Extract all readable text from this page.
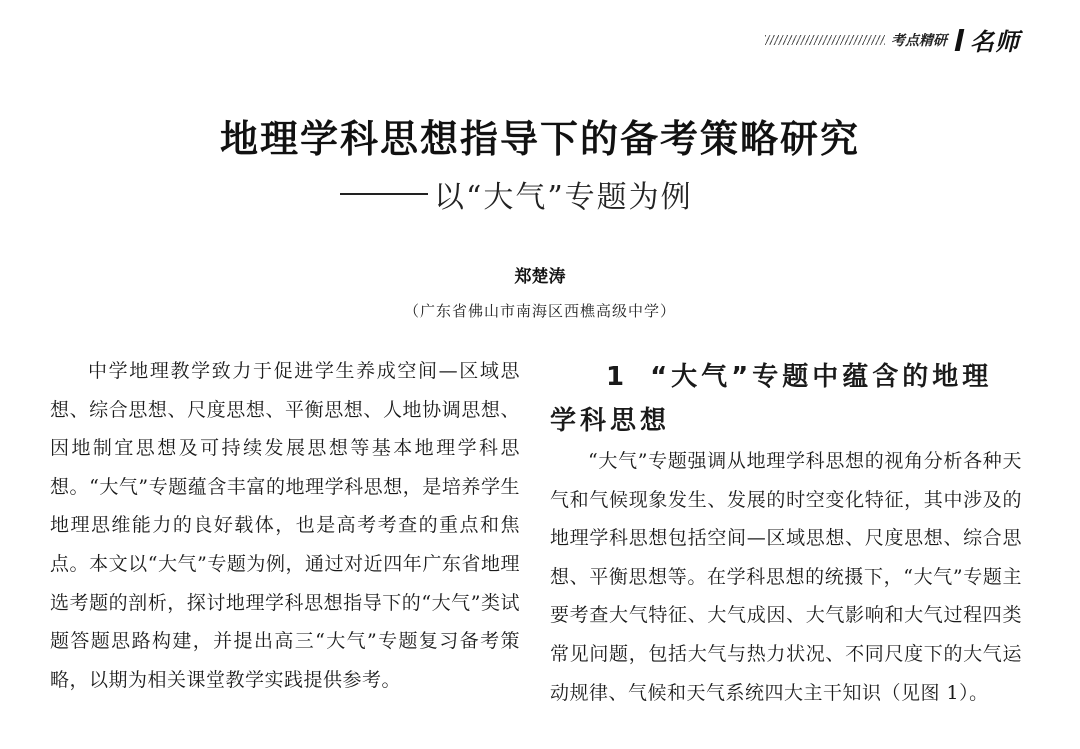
考点精研 名师
地理学科思想指导下的备考策略研究
以“大气”专题为例
郑楚涛
（广东省佛山市南海区西樵高级中学）

中学地理教学致力于促进学生养成空间—区域思想、综合思想、尺度思想、平衡思想、人地协调思想、因地制宜思想及可持续发展思想等基本地理学科思想。“大气”专题蕴含丰富的地理学科思想，是培养学生地理思维能力的良好载体，也是高考考查的重点和焦点。本文以“大气”专题为例，通过对近四年广东省地理选考题的剖析，探讨地理学科思想指导下的“大气”类试题答题思路构建，并提出高三“大气”专题复习备考策略，以期为相关课堂教学实践提供参考。

1 “大气”专题中蕴含的地理学科思想

“大气”专题强调从地理学科思想的视角分析各种天气和气候现象发生、发展的时空变化特征，其中涉及的地理学科思想包括空间—区域思想、尺度思想、综合思想、平衡思想等。在学科思想的统摄下，“大气”专题主要考查大气特征、大气成因、大气影响和大气过程四类常见问题，包括大气与热力状况、不同尺度下的大气运动规律、气候和天气系统四大主干知识（见图 1）。
